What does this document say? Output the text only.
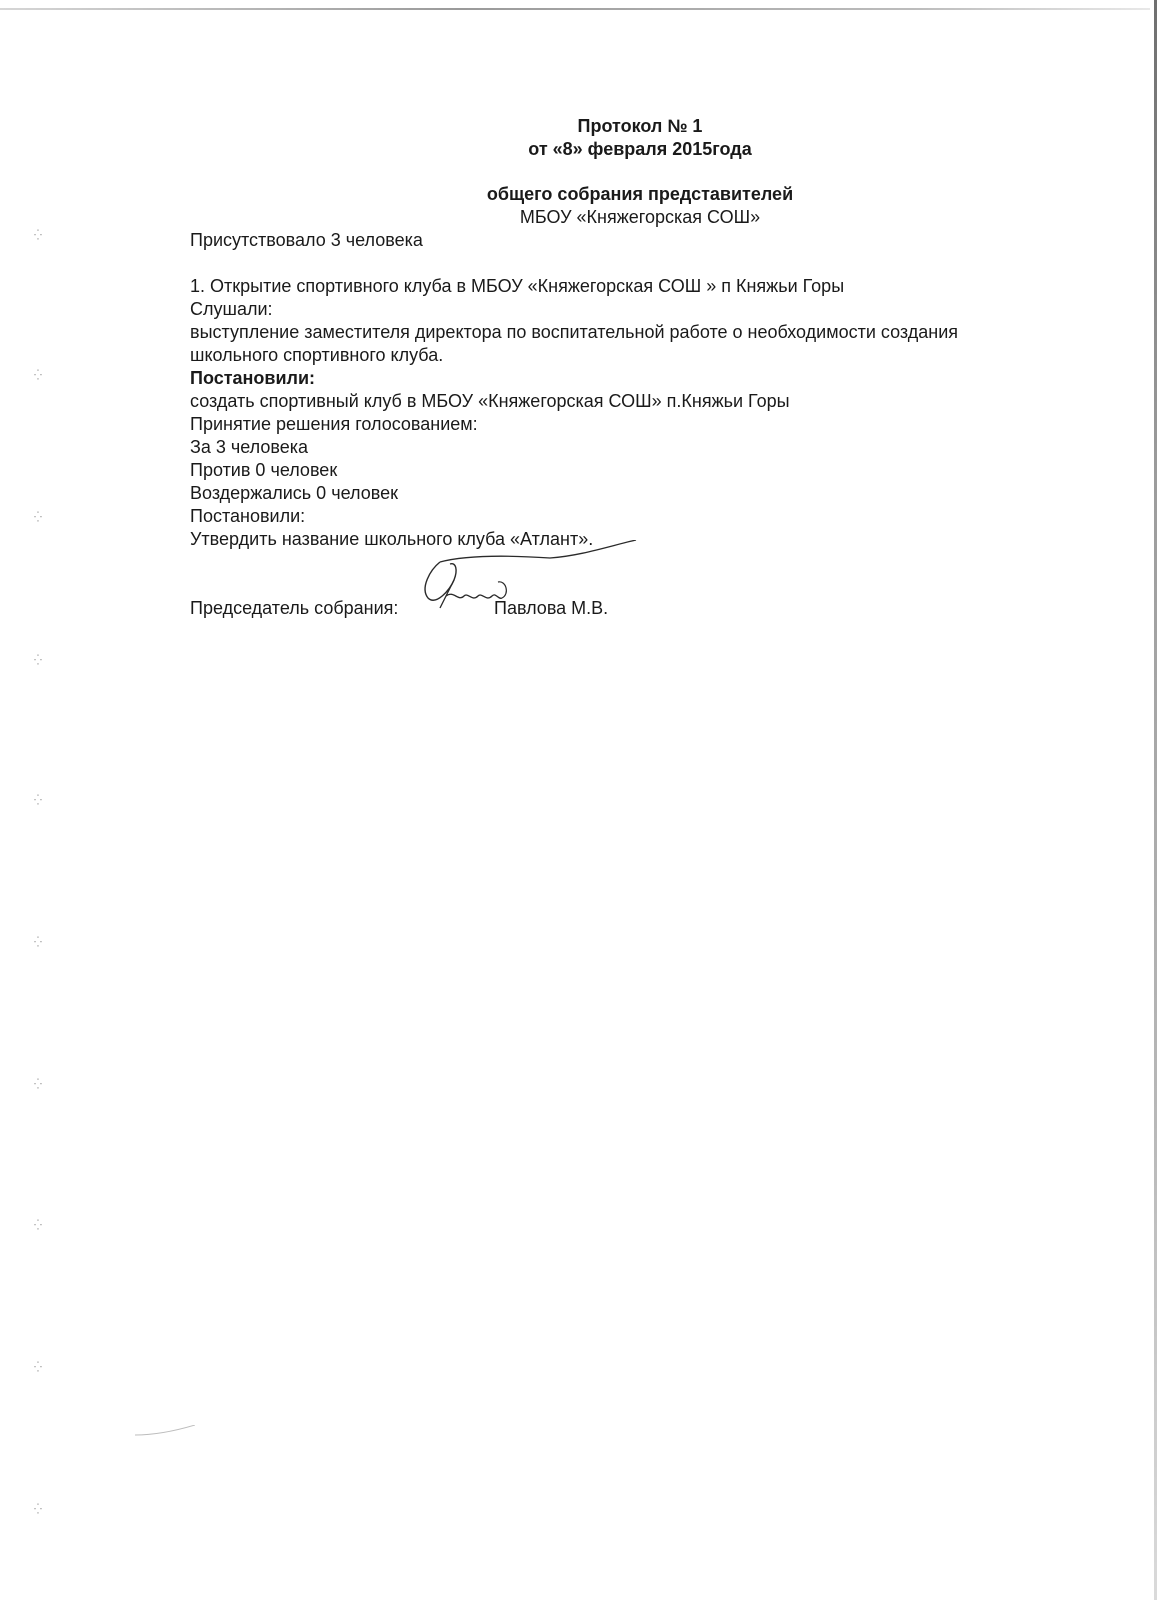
⁛
⁛
⁛
⁛
⁛
⁛
⁛
⁛
⁛
⁛
Протокол № 1
от «8» февраля 2015года
общего собрания представителей
МБОУ «Княжегорская СОШ»
Присутствовало 3 человека
1. Открытие спортивного клуба в МБОУ «Княжегорская СОШ » п Княжьи Горы
Слушали:
выступление заместителя директора по воспитательной работе о необходимости создания
школьного спортивного клуба.
Постановили:
создать спортивный клуб в МБОУ «Княжегорская СОШ» п.Княжьи Горы
Принятие решения голосованием:
За 3 человека
Против 0 человек
Воздержались 0 человек
Постановили:
Утвердить название школьного клуба «Атлант».
Председатель собрания:	Павлова М.В.
